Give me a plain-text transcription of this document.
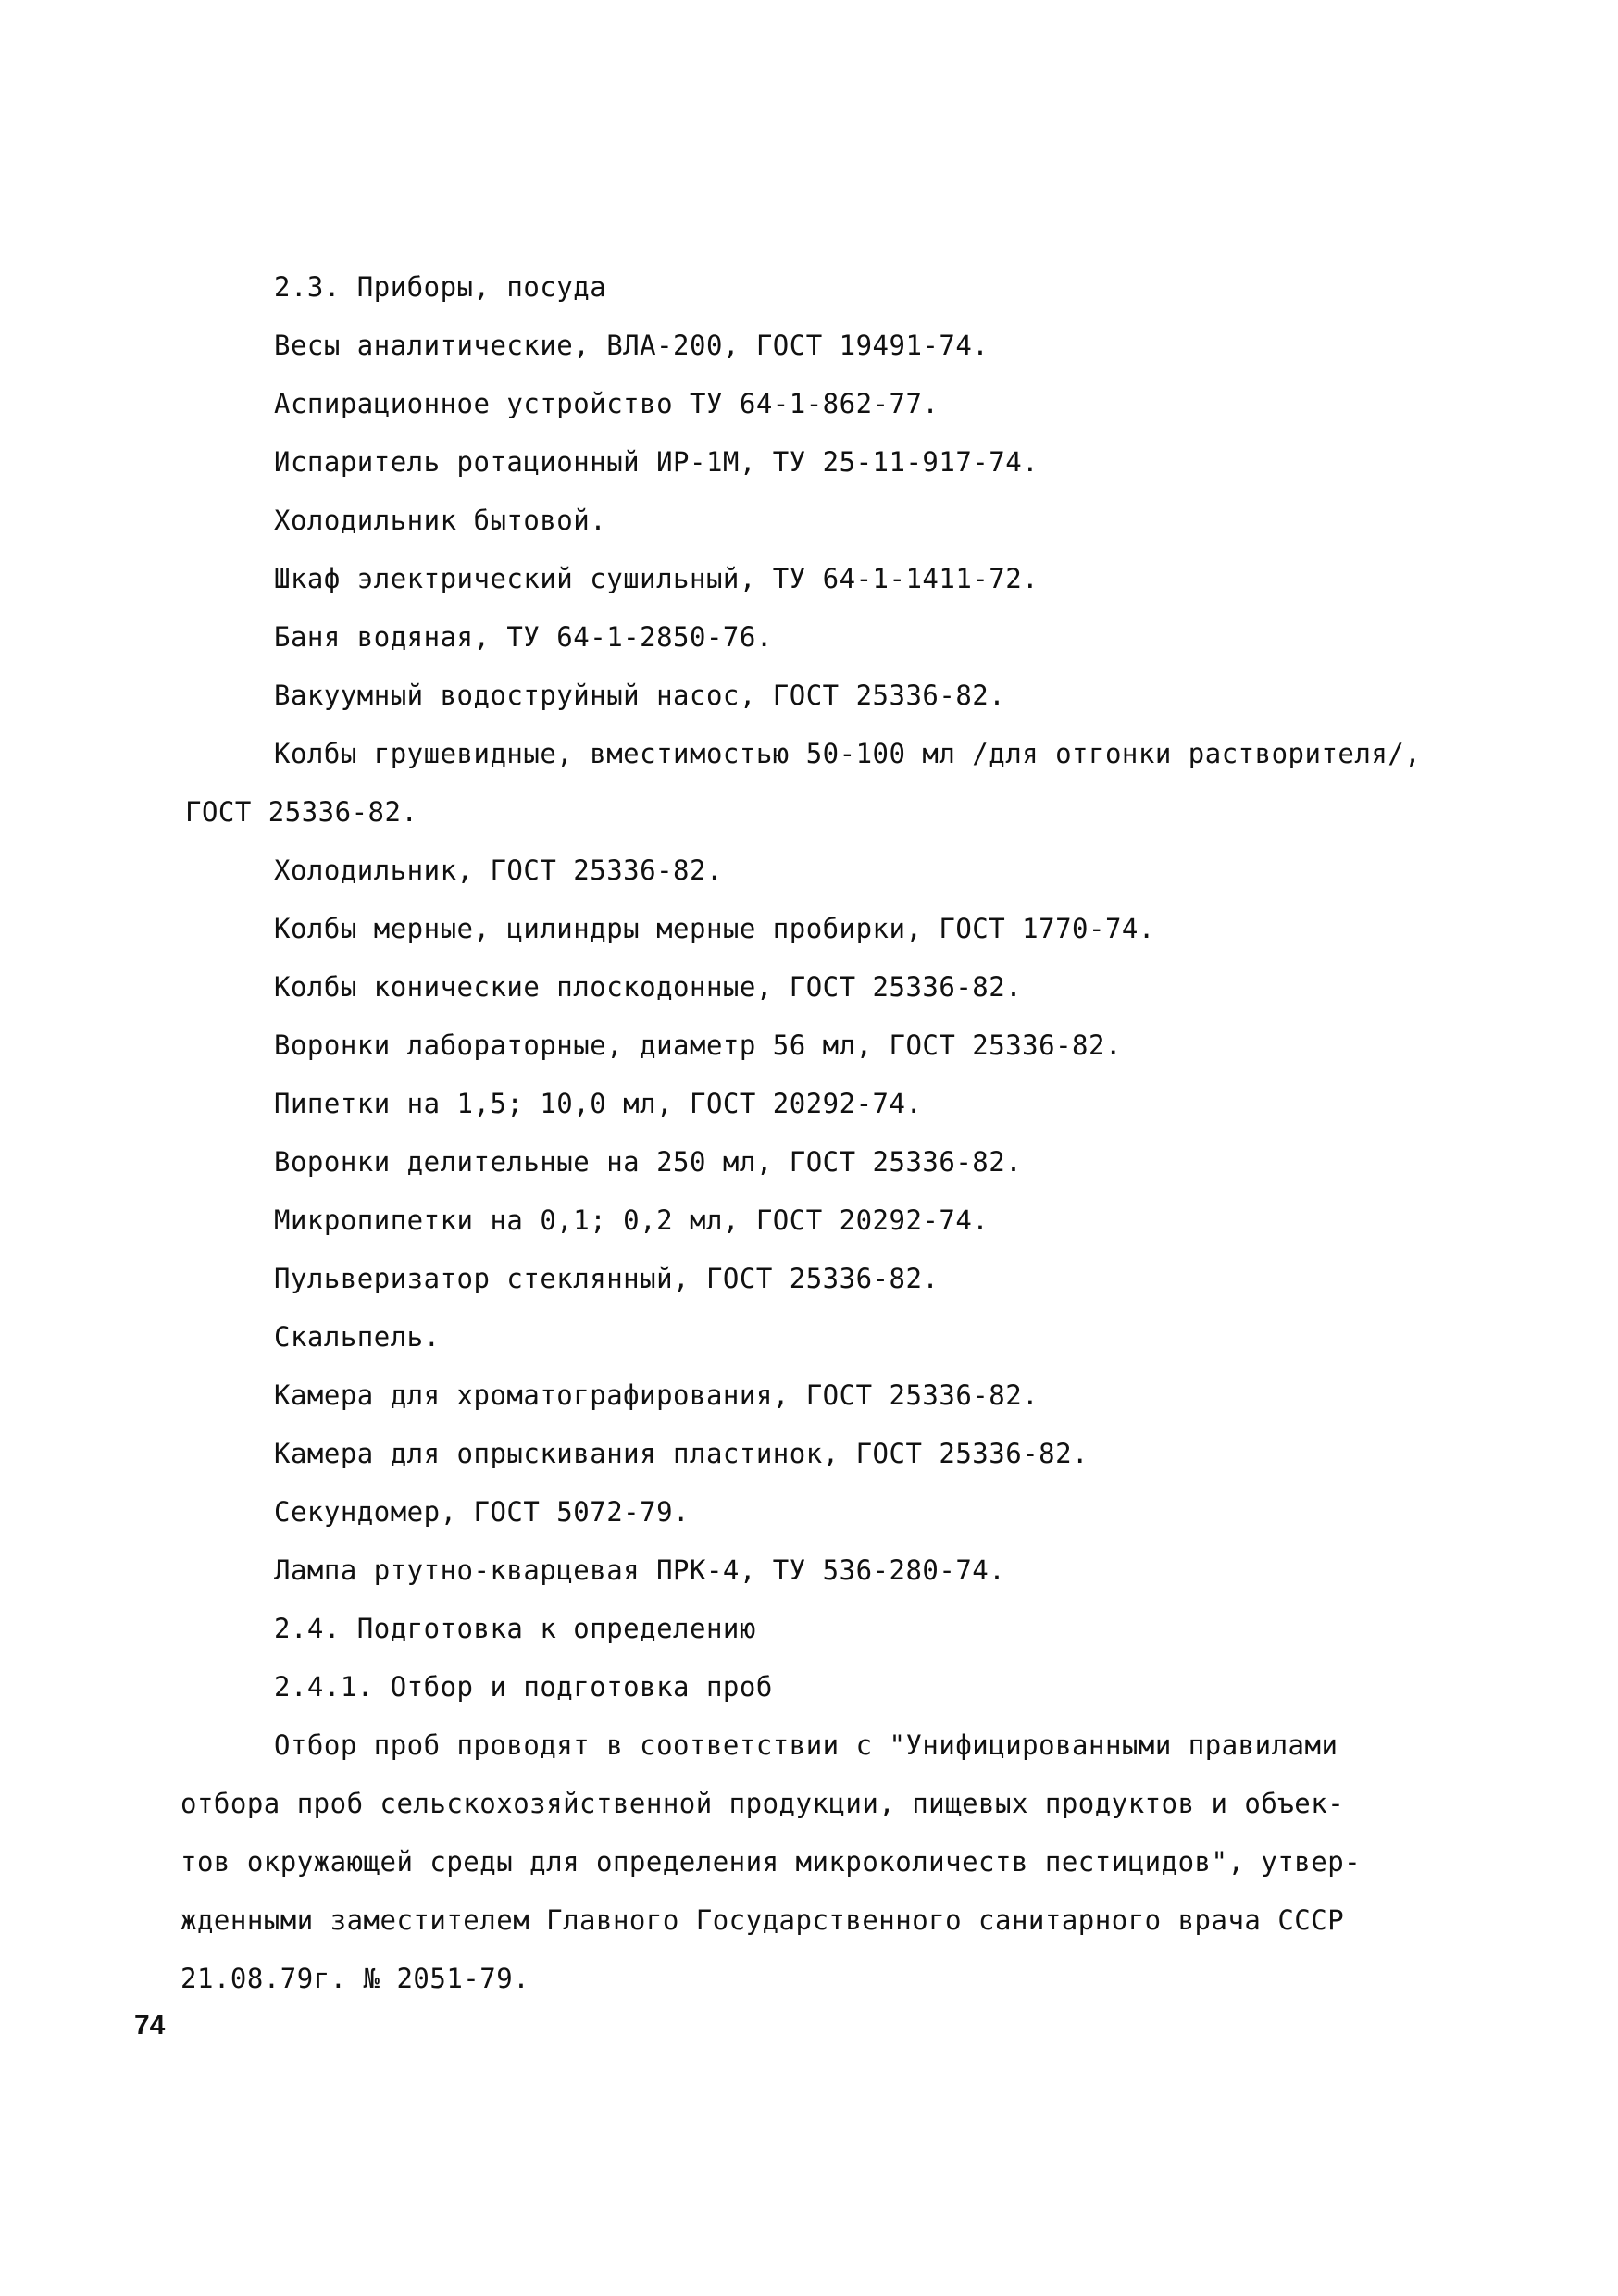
2.3. Приборы, посуда
Весы аналитические, ВЛА-200, ГОСТ 19491-74.
Аспирационное устройство ТУ 64-1-862-77.
Испаритель ротационный ИР-1М, ТУ 25-11-917-74.
Холодильник бытовой.
Шкаф электрический сушильный, ТУ 64-1-1411-72.
Баня водяная, ТУ 64-1-2850-76.
Вакуумный водоструйный насос, ГОСТ 25336-82.
Колбы грушевидные, вместимостью 50-100 мл /для отгонки растворителя/,
ГОСТ 25336-82.
Холодильник, ГОСТ 25336-82.
Колбы мерные, цилиндры мерные пробирки, ГОСТ 1770-74.
Колбы конические плоскодонные, ГОСТ 25336-82.
Воронки лабораторные, диаметр 56 мл, ГОСТ 25336-82.
Пипетки на 1,5; 10,0 мл, ГОСТ 20292-74.
Воронки делительные на 250 мл, ГОСТ 25336-82.
Микропипетки на 0,1; 0,2 мл, ГОСТ 20292-74.
Пульверизатор стеклянный, ГОСТ 25336-82.
Скальпель.
Камера для хроматографирования, ГОСТ 25336-82.
Камера для опрыскивания пластинок, ГОСТ 25336-82.
Секундомер, ГОСТ 5072-79.
Лампа ртутно-кварцевая ПРК-4, ТУ 536-280-74.
2.4. Подготовка к определению
2.4.1. Отбор и подготовка проб
Отбор проб проводят в соответствии с "Унифицированными правилами
отбора проб сельскохозяйственной продукции, пищевых продуктов и объек-
тов окружающей среды для определения микроколичеств пестицидов", утвер-
жденными заместителем Главного Государственного санитарного врача СССР
21.08.79г. № 2051-79.
74
